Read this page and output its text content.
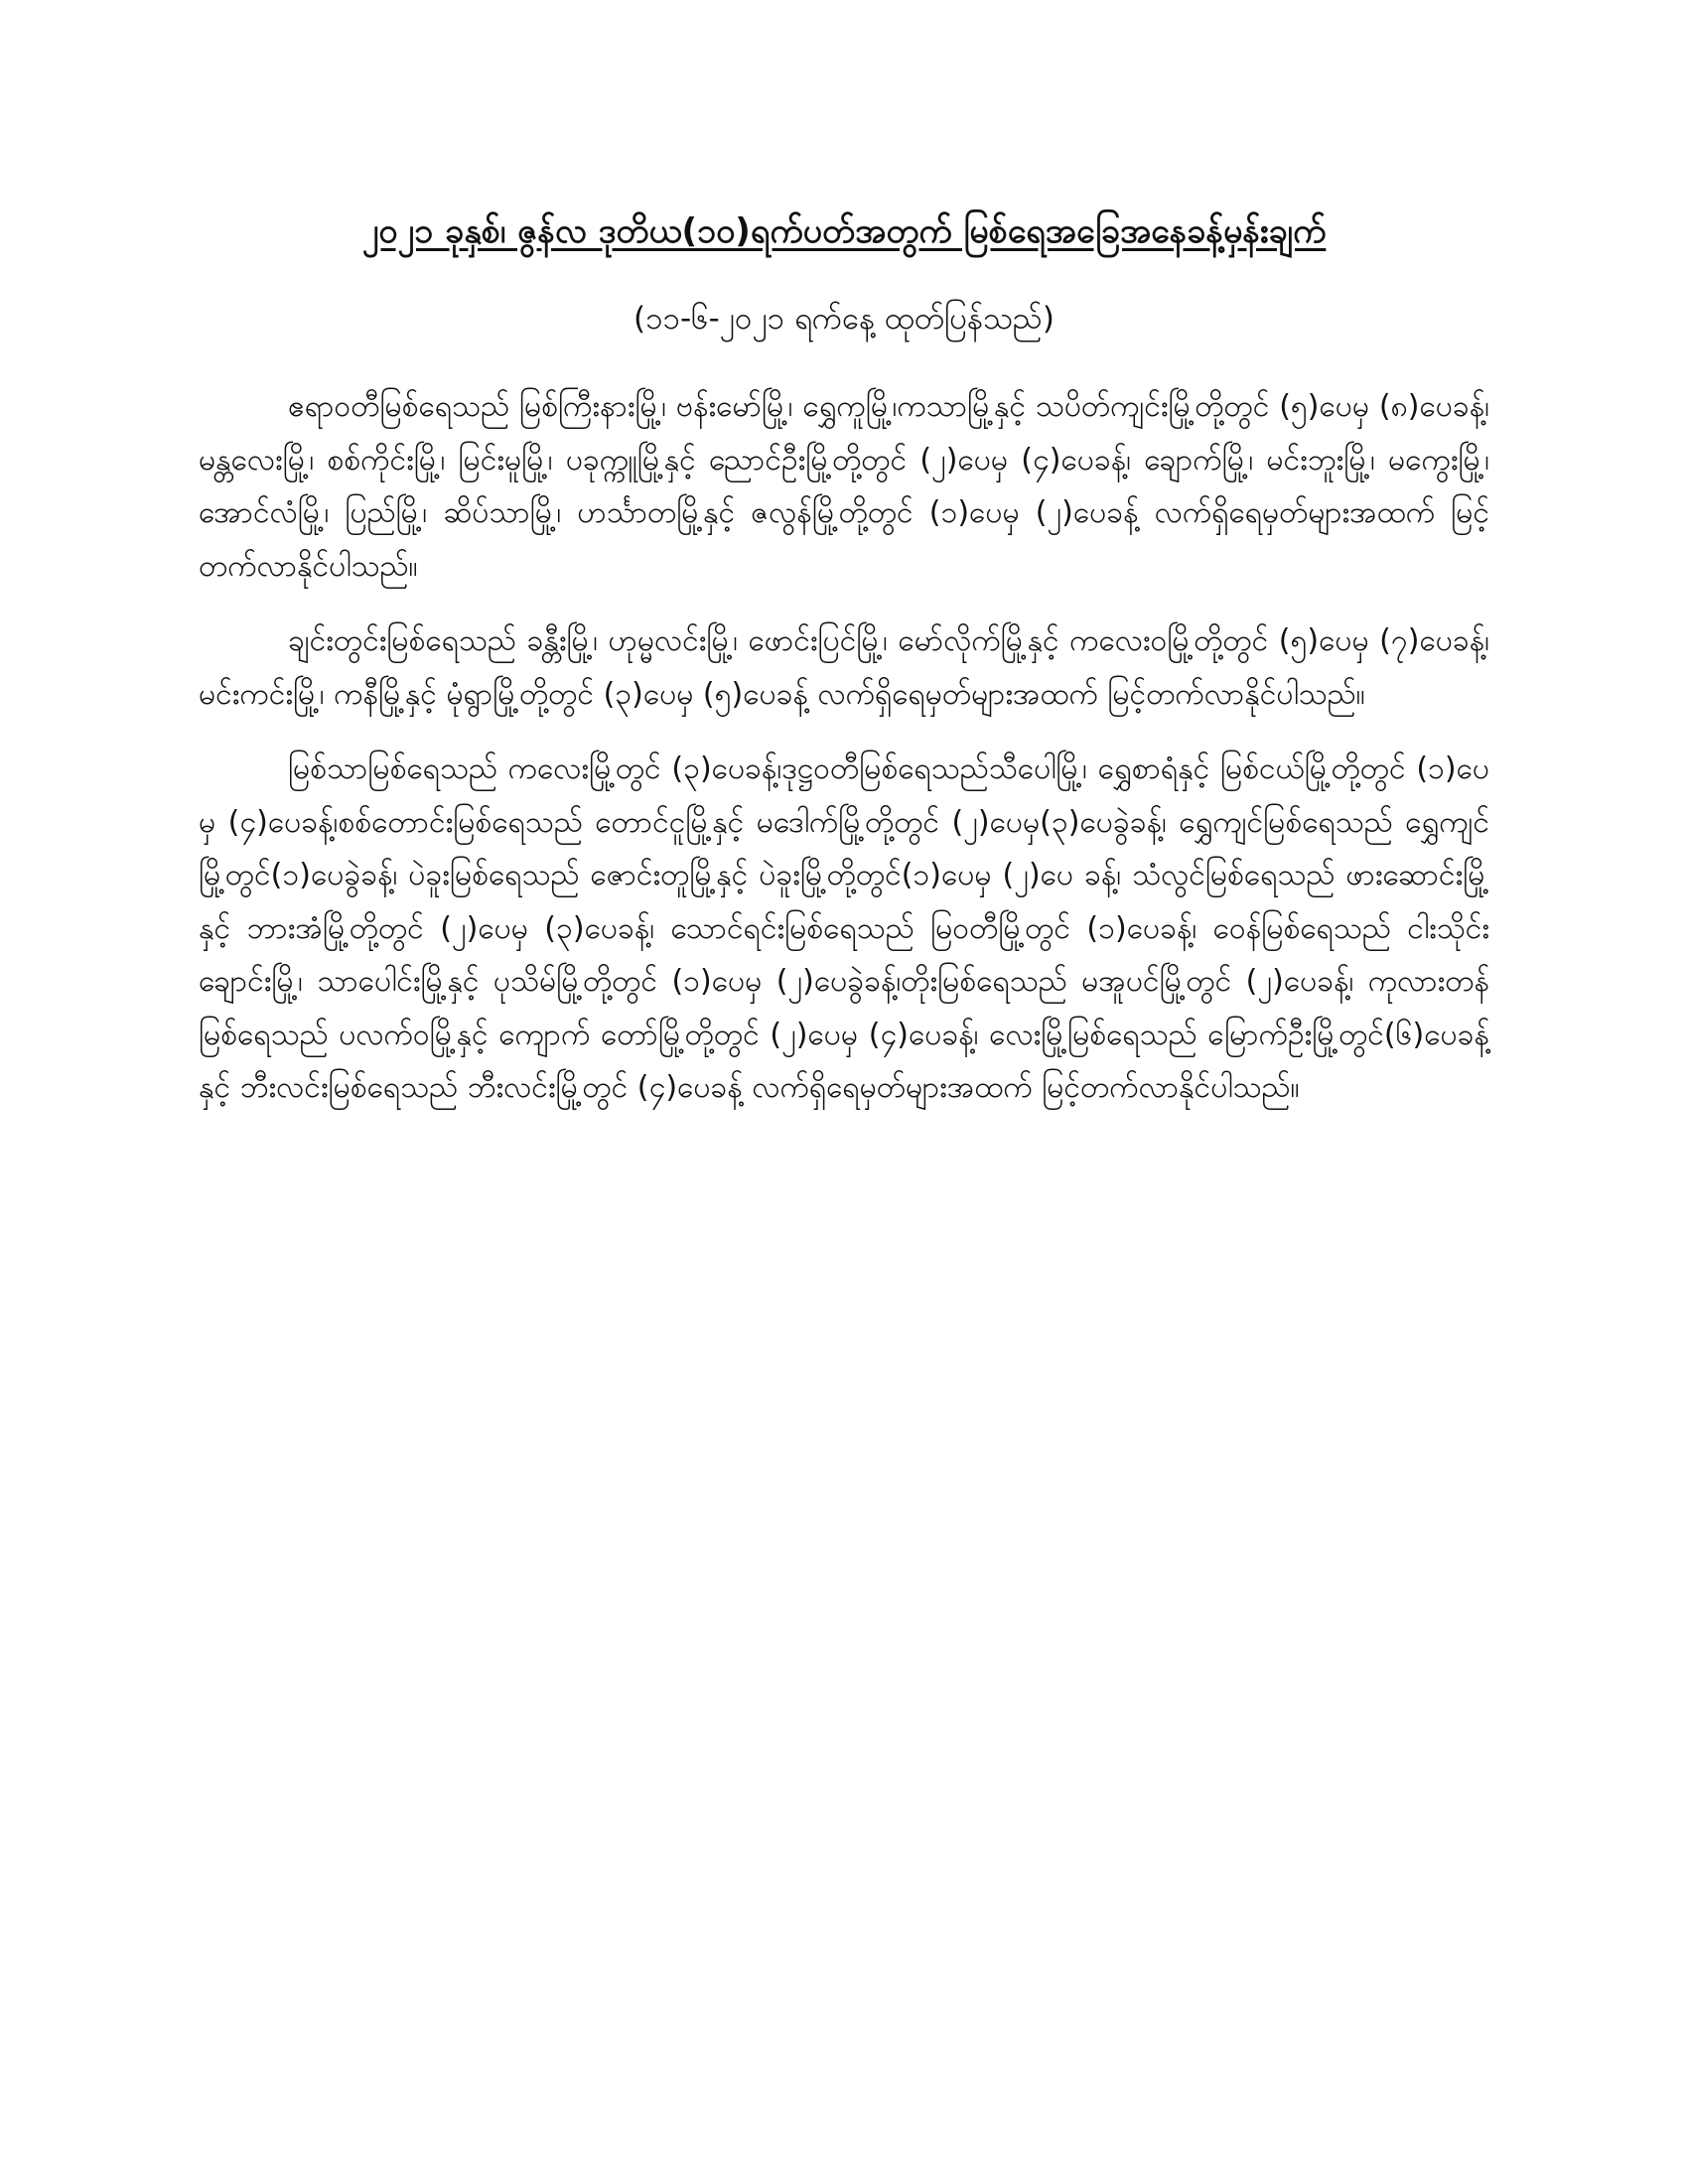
၂၀၂၁ ခုနှစ်၊ ဇွန်လ ဒုတိယ(၁၀)ရက်ပတ်အတွက် မြစ်ရေအခြေအနေခန့်မှန်းချက်

(၁၁-၆-၂၀၂၁ ရက်နေ့ ထုတ်ပြန်သည်)

ဧရာဝတီမြစ်ရေသည် မြစ်ကြီးနားမြို့၊ ဗန်းမော်မြို့၊ ရွှေကူမြို့၊ကသာမြို့နှင့် သပိတ်ကျင်းမြို့တို့တွင် (၅)ပေမှ (၈)ပေခန့်၊ မန္တလေးမြို့၊ စစ်ကိုင်းမြို့၊ မြင်းမူမြို့၊ ပခုက္ကူမြို့နှင့် ညောင်ဦးမြို့တို့တွင် (၂)ပေမှ (၄)ပေခန့်၊ ချောက်မြို့၊ မင်းဘူးမြို့၊ မကွေးမြို့၊ အောင်လံမြို့၊ ပြည်မြို့၊ ဆိပ်သာမြို့၊ ဟင်္သာတမြို့နှင့် ဇလွန်မြို့တို့တွင် (၁)ပေမှ (၂)ပေခန့် လက်ရှိရေမှတ်များအထက် မြင့်တက်လာနိုင်ပါသည်။

ချင်းတွင်းမြစ်ရေသည် ခန္တီးမြို့၊ ဟုမ္မလင်းမြို့၊ ဖောင်းပြင်မြို့၊ မော်လိုက်မြို့နှင့် ကလေးဝမြို့တို့တွင် (၅)ပေမှ (၇)ပေခန့်၊ မင်းကင်းမြို့၊ ကနီမြို့နှင့် မုံရွာမြို့တို့တွင် (၃)ပေမှ (၅)ပေခန့် လက်ရှိရေမှတ်များအထက် မြင့်တက်လာနိုင်ပါသည်။

မြစ်သာမြစ်ရေသည် ကလေးမြို့တွင် (၃)ပေခန့်၊ဒုဋ္ဌဝတီမြစ်ရေသည်သီပေါမြို့၊ ရွှေစာရံနှင့် မြစ်ငယ်မြို့တို့တွင် (၁)ပေမှ (၄)ပေခန့်၊စစ်တောင်းမြစ်ရေသည် တောင်ငူမြို့နှင့် မဒေါက်မြို့တို့တွင် (၂)ပေမှ(၃)ပေခွဲခန့်၊ ရွှေကျင်မြစ်ရေသည် ရွှေကျင်မြို့တွင်(၁)ပေခွဲခန့်၊ ပဲခူးမြစ်ရေသည် ဇောင်းတူမြို့နှင့် ပဲခူးမြို့တို့တွင်(၁)ပေမှ (၂)ပေ ခန့်၊ သံလွင်မြစ်ရေသည် ဖားဆောင်းမြို့နှင့် ဘားအံမြို့တို့တွင် (၂)ပေမှ (၃)ပေခန့်၊ သောင်ရင်းမြစ်ရေသည် မြဝတီမြို့တွင် (၁)ပေခန့်၊ ဝေန်မြစ်ရေသည် ငါးသိုင်းချောင်းမြို့၊ သာပေါင်းမြို့နှင့် ပုသိမ်မြို့တို့တွင် (၁)ပေမှ (၂)ပေခွဲခန့်၊တိုးမြစ်ရေသည် မအူပင်မြို့တွင် (၂)ပေခန့်၊ ကုလားတန်မြစ်ရေသည် ပလက်ဝမြို့နှင့် ကျောက် တော်မြို့တို့တွင် (၂)ပေမှ (၄)ပေခန့်၊ လေးမြို့မြစ်ရေသည် မြောက်ဦးမြို့တွင်(၆)ပေခန့်နှင့် ဘီးလင်းမြစ်ရေသည် ဘီးလင်းမြို့တွင် (၄)ပေခန့် လက်ရှိရေမှတ်များအထက် မြင့်တက်လာနိုင်ပါသည်။
